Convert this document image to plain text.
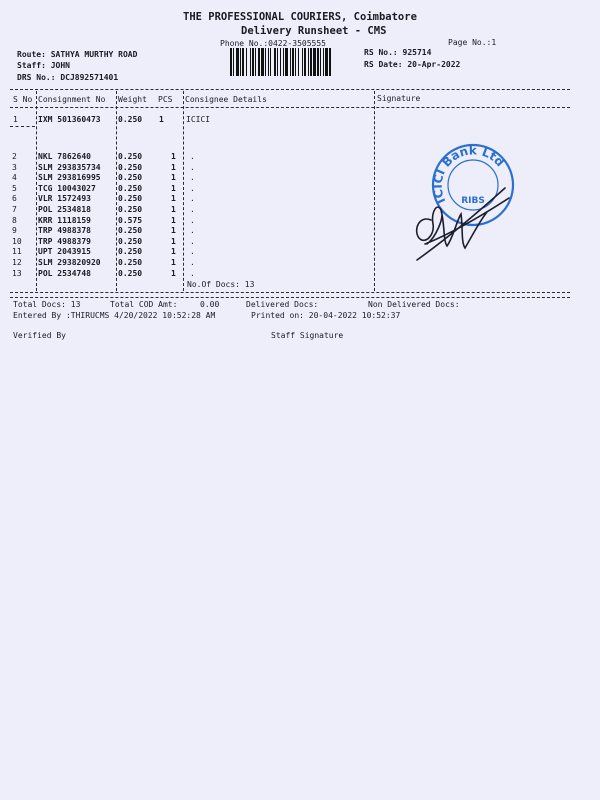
THE PROFESSIONAL COURIERS, Coimbatore
Delivery Runsheet - CMS
Phone No.:0422-3505555	Page No.:1
Route: SATHYA MURTHY ROAD
Staff: JOHN
DRS No.: DCJ892571401
RS No.: 925714
RS Date: 20-Apr-2022
S No Consignment No Weight PCS Consignee Details	Signature
1	IXM 501360473 0.250 1	ICICI
2	NKL 7862640	0.250	1	.
3	SLM 293835734	0.250	1	.
4	SLM 293816995	0.250	1	.
5	TCG 10043027	0.250	1	.
6	VLR 1572493	0.250	1	.
7	POL 2534818	0.250	1	.
8	KRR 1118159	0.575	1	.
9	TRP 4988378	0.250	1	.
10	TRP 4988379	0.250	1	.
11	UPT 2043915	0.250	1	.
12	SLM 293820920	0.250	1	.
13	POL 2534748	0.250	1	.
No.Of Docs: 13
ICICI Bank Ltd
RIBS
Total Docs: 13	Total COD Amt:	0.00	Delivered Docs:	Non Delivered Docs:
Entered By :THIRUCMS 4/20/2022 10:52:28 AM	Printed on: 20-04-2022 10:52:37
Verified By	Staff Signature
